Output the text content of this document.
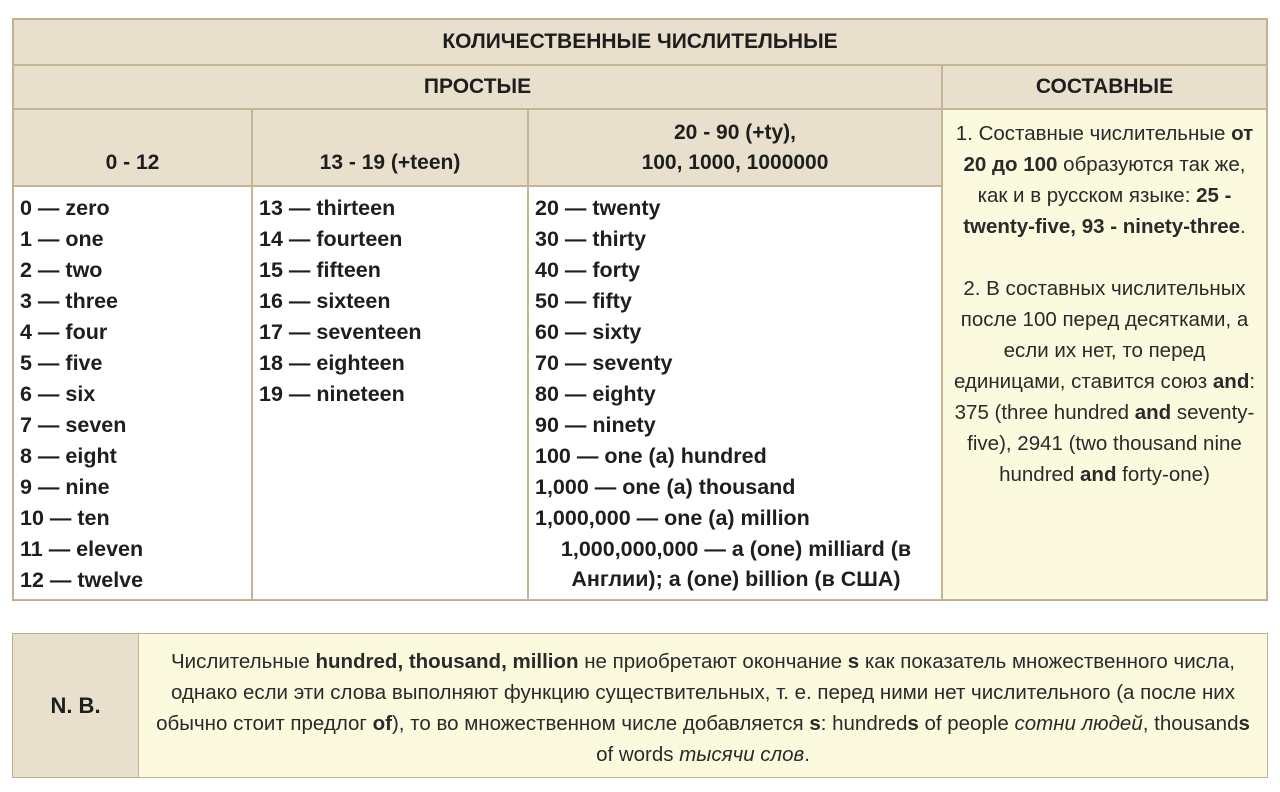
КОЛИЧЕСТВЕННЫЕ ЧИСЛИТЕЛЬНЫЕ
ПРОСТЫЕ	СОСТАВНЫЕ
0 - 12	13 - 19 (+teen)
20 - 90 (+ty),
100, 1000, 1000000
0 — zero
1 — one
2 — two
3 — three
4 — four
5 — five
6 — six
7 — seven
8 — eight
9 — nine
10 — ten
11 — eleven
12 — twelve
13 — thirteen
14 — fourteen
15 — fifteen
16 — sixteen
17 — seventeen
18 — eighteen
19 — nineteen
20 — twenty
30 — thirty
40 — forty
50 — fifty
60 — sixty
70 — seventy
80 — eighty
90 — ninety
100 — one (a) hundred
1,000 — one (a) thousand
1,000,000 — one (a) million
1,000,000,000 — a (one) milliard (в Англии); a (one) billion (в США)

1. Составные числительные от 20 до 100 образуются так же, как и в русском языке: 25 - twenty-five, 93 - ninety-three.

2. В составных числительных после 100 перед десятками, а если их нет, то перед единицами, ставится союз and: 375 (three hundred and seventy-five), 2941 (two thousand nine hundred and forty-one)

N. B.

Числительные hundred, thousand, million не приобретают окончание s как показатель множественного числа, однако если эти слова выполняют функцию существительных, т. е. перед ними нет числительного (а после них обычно стоит предлог of), то во множественном числе добавляется s: hundreds of people сотни людей, thousands of words тысячи слов.
